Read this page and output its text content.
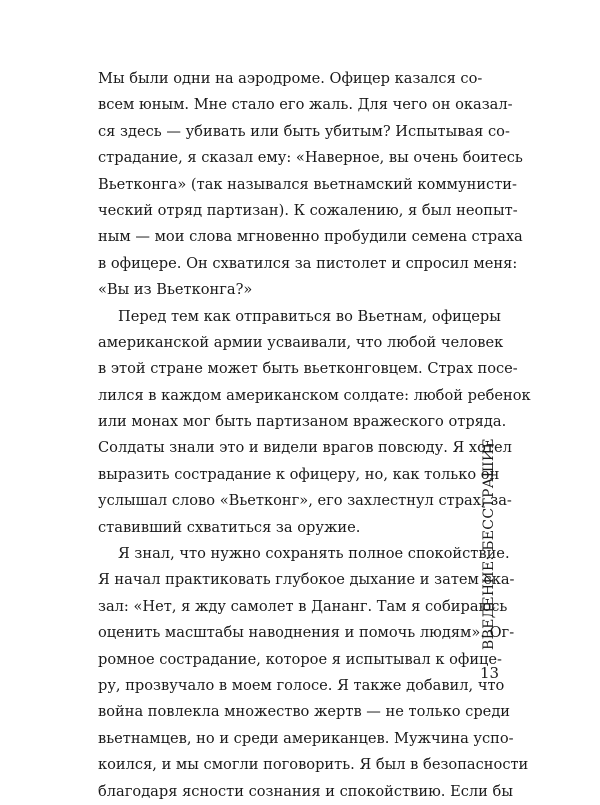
Мы были одни на аэродроме. Офицер казался со-
всем юным. Мне стало его жаль. Для чего он оказал-
ся здесь — убивать или быть убитым? Испытывая со-
страдание, я сказал ему: «Наверное, вы очень боитесь
Вьетконга» (так назывался вьетнамский коммунисти-
ческий отряд партизан). К сожалению, я был неопыт-
ным — мои слова мгновенно пробудили семена страха
в офицере. Он схватился за пистолет и спросил меня:
«Вы из Вьетконга?»
Перед тем как отправиться во Вьетнам, офицеры
американской армии усваивали, что любой человек
в этой стране может быть вьетконговцем. Страх посе-
лился в каждом американском солдате: любой ребенок
или монах мог быть партизаном вражеского отряда.
Солдаты знали это и видели врагов повсюду. Я хотел
выразить сострадание к офицеру, но, как только он
услышал слово «Вьетконг», его захлестнул страх, за-
ставивший схватиться за оружие.
Я знал, что нужно сохранять полное спокойствие.
Я начал практиковать глубокое дыхание и затем ска-
зал: «Нет, я жду самолет в Дананг. Там я собираюсь
оценить масштабы наводнения и помочь людям». Ог-
ромное сострадание, которое я испытывал к офице-
ру, прозвучало в моем голосе. Я также добавил, что
война повлекла множество жертв — не только среди
вьетнамцев, но и среди американцев. Мужчина успо-
коился, и мы смогли поговорить. Я был в безопасности
благодаря ясности сознания и спокойствию. Если бы
ВВЕДЕНИЕ: БЕССТРАШИЕ
13
